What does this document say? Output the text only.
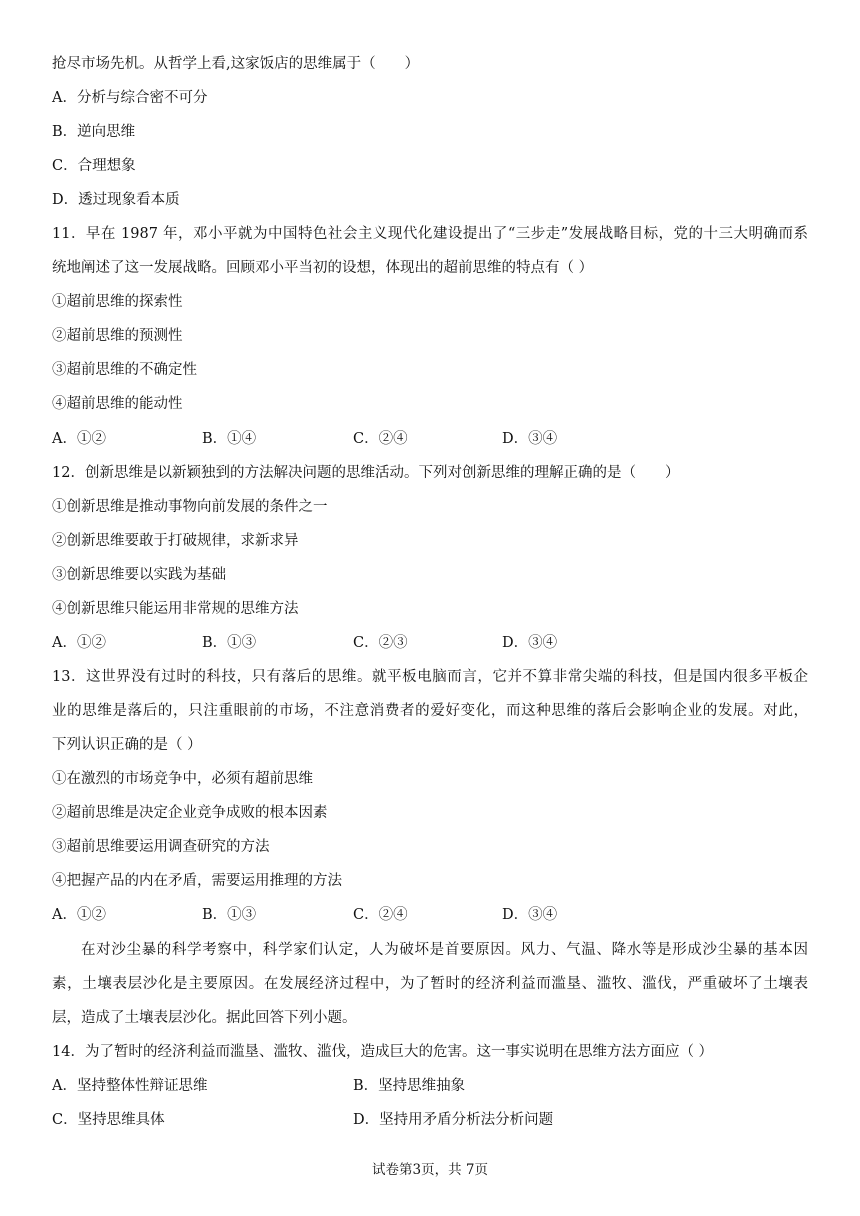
抢尽市场先机。从哲学上看,这家饭店的思维属于（　　）
A．分析与综合密不可分
B．逆向思维
C．合理想象
D．透过现象看本质
11．早在 1987 年，邓小平就为中国特色社会主义现代化建设提出了“三步走”发展战略目标，党的十三大明确而系
统地阐述了这一发展战略。回顾邓小平当初的设想，体现出的超前思维的特点有（ ）
①超前思维的探索性
②超前思维的预测性
③超前思维的不确定性
④超前思维的能动性
A．①②	B．①④	C．②④	D．③④
12．创新思维是以新颖独到的方法解决问题的思维活动。下列对创新思维的理解正确的是（　　）
①创新思维是推动事物向前发展的条件之一
②创新思维要敢于打破规律，求新求异
③创新思维要以实践为基础
④创新思维只能运用非常规的思维方法
A．①②	B．①③	C．②③	D．③④
13．这世界没有过时的科技，只有落后的思维。就平板电脑而言，它并不算非常尖端的科技，但是国内很多平板企
业的思维是落后的，只注重眼前的市场，不注意消费者的爱好变化，而这种思维的落后会影响企业的发展。对此，
下列认识正确的是（ ）
①在激烈的市场竞争中，必须有超前思维
②超前思维是决定企业竞争成败的根本因素
③超前思维要运用调查研究的方法
④把握产品的内在矛盾，需要运用推理的方法
A．①②	B．①③	C．②④	D．③④
在对沙尘暴的科学考察中，科学家们认定，人为破坏是首要原因。风力、气温、降水等是形成沙尘暴的基本因
素，土壤表层沙化是主要原因。在发展经济过程中，为了暂时的经济利益而滥垦、滥牧、滥伐，严重破坏了土壤表
层，造成了土壤表层沙化。据此回答下列小题。
14．为了暂时的经济利益而滥垦、滥牧、滥伐，造成巨大的危害。这一事实说明在思维方法方面应（ ）
A．坚持整体性辩证思维	B．坚持思维抽象
C．坚持思维具体	D．坚持用矛盾分析法分析问题
试卷第3页，共 7页
